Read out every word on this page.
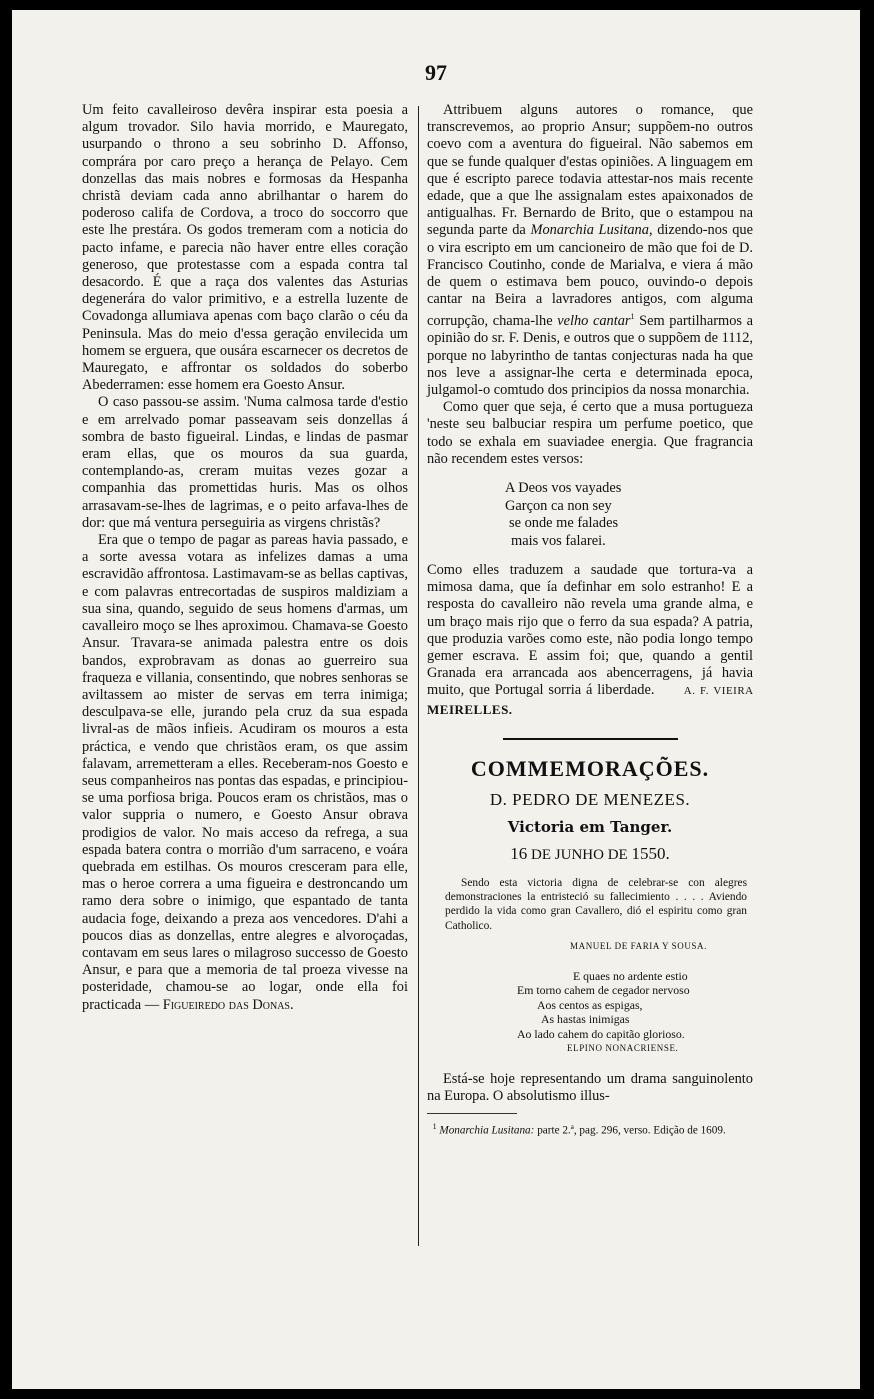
97

Um feito cavalleiroso devêra inspirar esta poesia a algum trovador. Silo havia morrido, e Mauregato, usurpando o throno a seu sobrinho D. Affonso, comprára por caro preço a herança de Pelayo. Cem donzellas das mais nobres e formosas da Hespanha christã deviam cada anno abrilhantar o harem do poderoso califa de Cordova, a troco do soccorro que este lhe prestára. Os godos tremeram com a noticia do pacto infame, e parecia não haver entre elles coração generoso, que protestasse com a espada contra tal desacordo. É que a raça dos valentes das Asturias degenerára do valor primitivo, e a estrella luzente de Covadonga allumiava apenas com baço clarão o céu da Peninsula. Mas do meio d'essa geração envilecida um homem se erguera, que ousára escarnecer os decretos de Mauregato, e affrontar os soldados do soberbo Abederramen: esse homem era Goesto Ansur.

O caso passou-se assim. 'Numa calmosa tarde d'estio e em arrelvado pomar passeavam seis donzellas á sombra de basto figueiral. Lindas, e lindas de pasmar eram ellas, que os mouros da sua guarda, contemplando-as, creram muitas vezes gozar a companhia das promettidas huris. Mas os olhos arrasavam-se-lhes de lagrimas, e o peito arfava-lhes de dor: que má ventura perseguiria as virgens christãs?

Era que o tempo de pagar as pareas havia passado, e a sorte avessa votara as infelizes damas a uma escravidão affrontosa. Lastimavam-se as bellas captivas, e com palavras entrecortadas de suspiros maldiziam a sua sina, quando, seguido de seus homens d'armas, um cavalleiro moço se lhes aproximou. Chamava-se Goesto Ansur. Travara-se animada palestra entre os dois bandos, exprobravam as donas ao guerreiro sua fraqueza e villania, consentindo, que nobres senhoras se aviltassem ao mister de servas em terra inimiga; desculpava-se elle, jurando pela cruz da sua espada livral-as de mãos infieis. Acudiram os mouros a esta práctica, e vendo que christãos eram, os que assim falavam, arremetteram a elles. Receberam-nos Goesto e seus companheiros nas pontas das espadas, e principiou-se uma porfiosa briga. Poucos eram os christãos, mas o valor suppria o numero, e Goesto Ansur obrava prodigios de valor. No mais acceso da refrega, a sua espada batera contra o morrião d'um sarraceno, e voára quebrada em estilhas. Os mouros cresceram para elle, mas o heroe correra a uma figueira e destroncando um ramo dera sobre o inimigo, que espantado de tanta audacia foge, deixando a preza aos vencedores. D'ahi a poucos dias as donzellas, entre alegres e alvoroçadas, contavam em seus lares o milagroso successo de Goesto Ansur, e para que a memoria de tal proeza vivesse na posteridade, chamou-se ao logar, onde ella foi practicada — Figueiredo das Donas.

Attribuem alguns autores o romance, que transcrevemos, ao proprio Ansur; suppõem-no outros coevo com a aventura do figueiral. Não sabemos em que se funde qualquer d'estas opiniões. A linguagem em que é escripto parece todavia attestar-nos mais recente edade, que a que lhe assignalam estes apaixonados de antigualhas. Fr. Bernardo de Brito, que o estampou na segunda parte da Monarchia Lusitana, dizendo-nos que o vira escripto em um cancioneiro de mão que foi de D. Francisco Coutinho, conde de Marialva, e viera á mão de quem o estimava bem pouco, ouvindo-o depois cantar na Beira a lavradores antigos, com alguma corrupção, chama-lhe velho cantar$^1$ Sem partilharmos a opinião do sr. F. Denis, e outros que o suppõem de 1112, porque no labyrintho de tantas conjecturas nada ha que nos leve a assignar-lhe certa e determinada epoca, julgamol-o comtudo dos principios da nossa monarchia.

Como quer que seja, é certo que a musa portugueza 'neste seu balbuciar respira um perfume poetico, que todo se exhala em suaviadee energia. Que fragrancia não recendem estes versos:

A Deos vos vayades
Garçon ca non sey
se onde me falades
mais vos falarei.

Como elles traduzem a saudade que tortura-va a mimosa dama, que ía definhar em solo estranho! E a resposta do cavalleiro não revela uma grande alma, e um braço mais rijo que o ferro da sua espada? A patria, que produzia varões como este, não podia longo tempo gemer escrava. E assim foi; que, quando a gentil Granada era arrancada aos abencerragens, já havia muito, que Portugal sorria á liberdade.	A. F. VIEIRA MEIRELLES.

COMMEMORAÇÕES.
D. PEDRO DE MENEZES.
Victoria em Tanger.
16 DE JUNHO DE 1550.

Sendo esta victoria digna de celebrar-se con alegres demonstraciones la entristeció su fallecimiento . . . . Aviendo perdido la vida como gran Cavallero, dió el espiritu como gran Catholico.

MANUEL DE FARIA Y SOUSA.
E quaes no ardente estio
Em torno cahem de cegador nervoso
Aos centos as espigas,
As hastas inimigas
Ao lado cahem do capitão glorioso.
ELPINO NONACRIENSE.

Está-se hoje representando um drama sanguinolento na Europa. O absolutismo illus-

$^1$ Monarchia Lusitana: parte 2.ª, pag. 296, verso. Edição de 1609.
